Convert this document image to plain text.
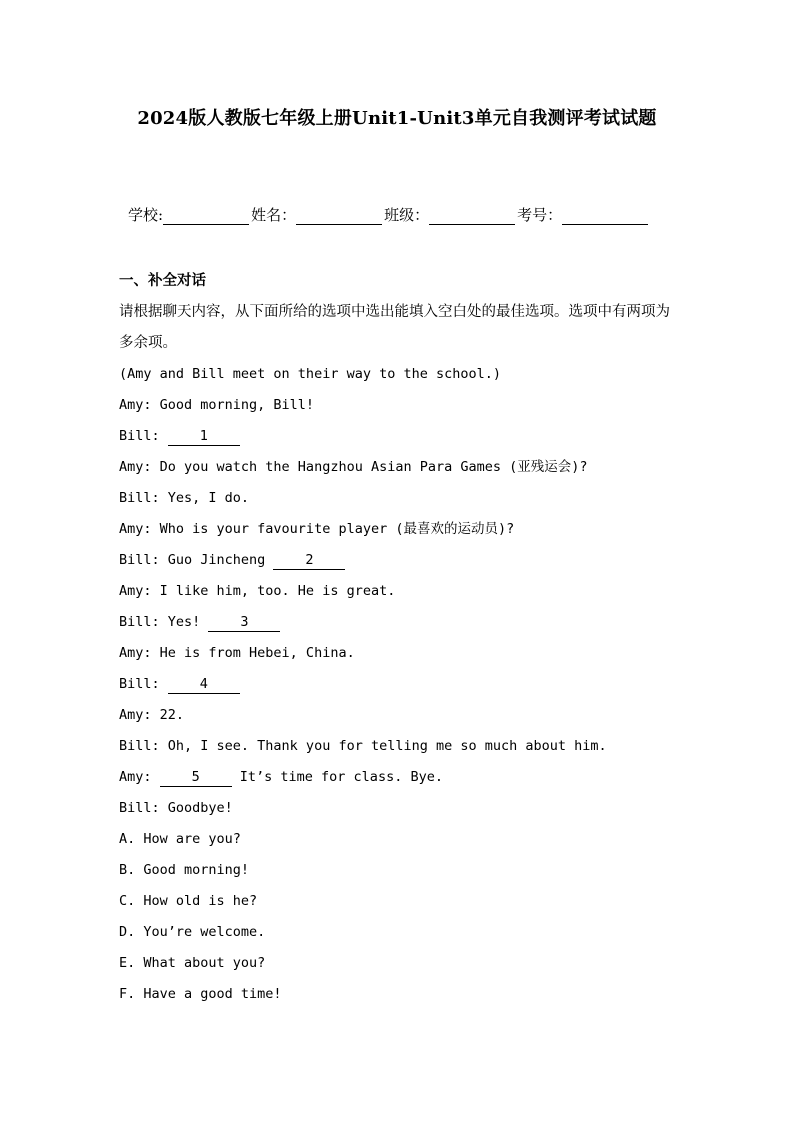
2024版人教版七年级上册Unit1-Unit3单元自我测评考试试题
学校:	姓名：	班级：	考号：
一、补全对话

请根据聊天内容，从下面所给的选项中选出能填入空白处的最佳选项。选项中有两项为多余项。

(Amy and Bill meet on their way to the school.)
Amy: Good morning, Bill!
Bill: 1
Amy: Do you watch the Hangzhou Asian Para Games (亚残运会)?
Bill: Yes, I do.
Amy: Who is your favourite player (最喜欢的运动员)?
Bill: Guo Jincheng 2
Amy: I like him, too. He is great.
Bill: Yes! 3
Amy: He is from Hebei, China.
Bill: 4
Amy: 22.
Bill: Oh, I see. Thank you for telling me so much about him.
Amy: 5 It’s time for class. Bye.
Bill: Goodbye!
A. How are you?
B. Good morning!
C. How old is he?
D. You’re welcome.
E. What about you?
F. Have a good time!
